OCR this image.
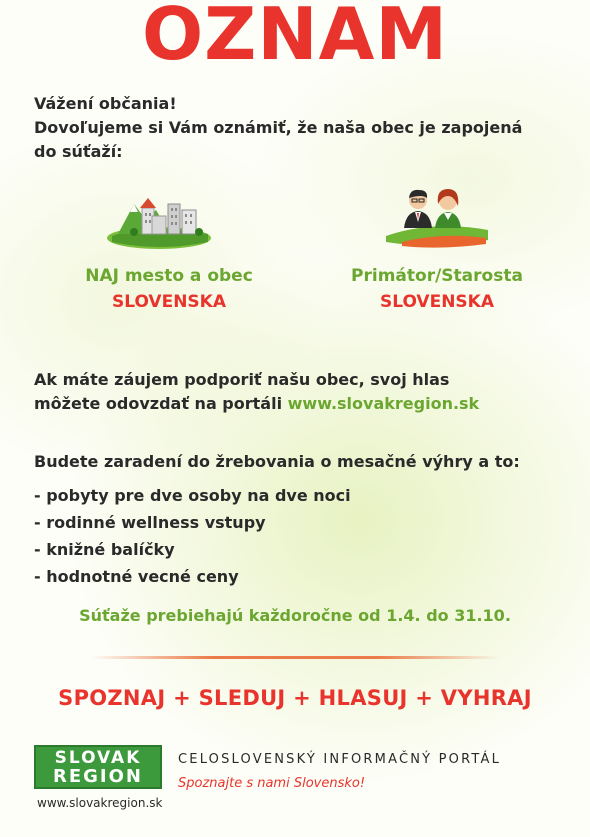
OZNAM
Vážení občania!
Dovoľujeme si Vám oznámiť, že naša obec je zapojená
do súťaží:
NAJ mesto a obec
SLOVENSKA
Primátor/Starosta
SLOVENSKA
Ak máte záujem podporiť našu obec, svoj hlas
môžete odovzdať na portáli www.slovakregion.sk
Budete zaradení do žrebovania o mesačné výhry a to:
- pobyty pre dve osoby na dve noci
- rodinné wellness vstupy
- knižné balíčky
- hodnotné vecné ceny
Súťaže prebiehajú každoročne od 1.4. do 31.10.
SPOZNAJ + SLEDUJ + HLASUJ + VYHRAJ
SLOVAK
REGION
www.slovakregion.sk
CELOSLOVENSKÝ INFORMAČNÝ PORTÁL
Spoznajte s nami Slovensko!
